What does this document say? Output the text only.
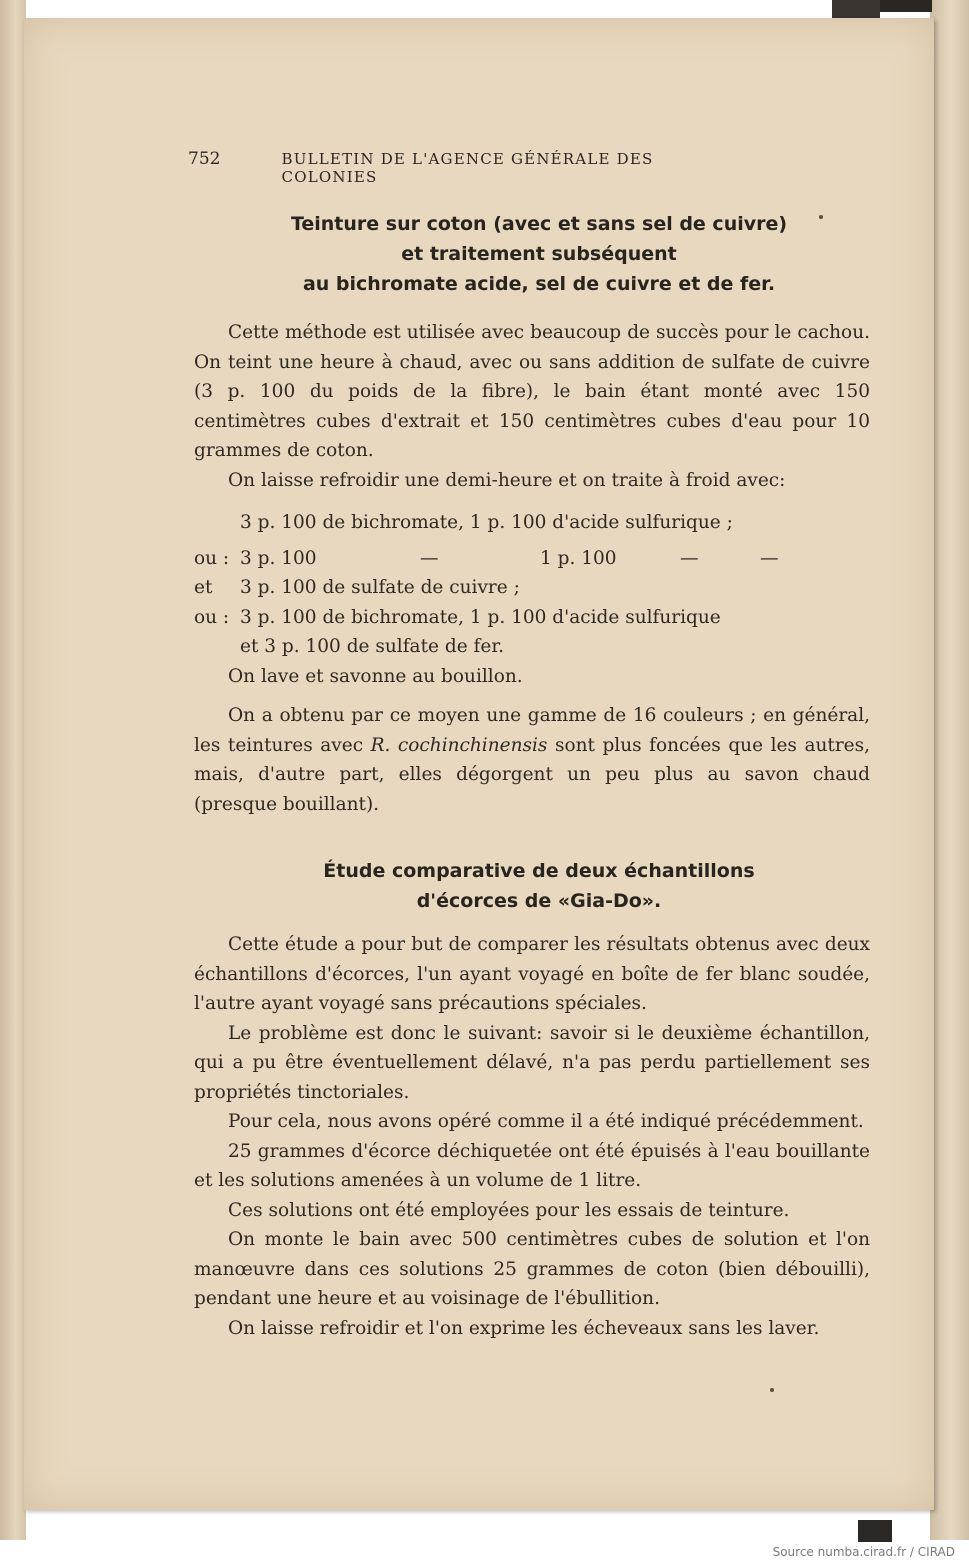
752	BULLETIN DE L'AGENCE GÉNÉRALE DES COLONIES
Teinture sur coton (avec et sans sel de cuivre)
et traitement subséquent
au bichromate acide, sel de cuivre et de fer.
Cette méthode est utilisée avec beaucoup de succès pour le cachou. On teint une heure à chaud, avec ou sans addition de sulfate de cuivre (3 p. 100 du poids de la fibre), le bain étant monté avec 150 centimètres cubes d'extrait et 150 centimètres cubes d'eau pour 10 grammes de coton.
On laisse refroidir une demi-heure et on traite à froid avec:
3 p. 100 de bichromate, 1 p. 100 d'acide sulfurique ;
ou : 3 p. 100	—	1 p. 100	—	—
et	3 p. 100 de sulfate de cuivre ;
ou : 3 p. 100 de bichromate, 1 p. 100 d'acide sulfurique
et 3 p. 100 de sulfate de fer.
On lave et savonne au bouillon.
On a obtenu par ce moyen une gamme de 16 couleurs ; en général, les teintures avec R. cochinchinensis sont plus foncées que les autres, mais, d'autre part, elles dégorgent un peu plus au savon chaud (presque bouillant).
Étude comparative de deux échantillons
d'écorces de «Gia-Do».
Cette étude a pour but de comparer les résultats obtenus avec deux échantillons d'écorces, l'un ayant voyagé en boîte de fer blanc soudée, l'autre ayant voyagé sans précautions spéciales.
Le problème est donc le suivant: savoir si le deuxième échantillon, qui a pu être éventuellement délavé, n'a pas perdu partiellement ses propriétés tinctoriales.
Pour cela, nous avons opéré comme il a été indiqué précédemment.
25 grammes d'écorce déchiquetée ont été épuisés à l'eau bouillante et les solutions amenées à un volume de 1 litre.
Ces solutions ont été employées pour les essais de teinture.
On monte le bain avec 500 centimètres cubes de solution et l'on manœuvre dans ces solutions 25 grammes de coton (bien débouilli), pendant une heure et au voisinage de l'ébullition.
On laisse refroidir et l'on exprime les écheveaux sans les laver.
Source numba.cirad.fr / CIRAD
